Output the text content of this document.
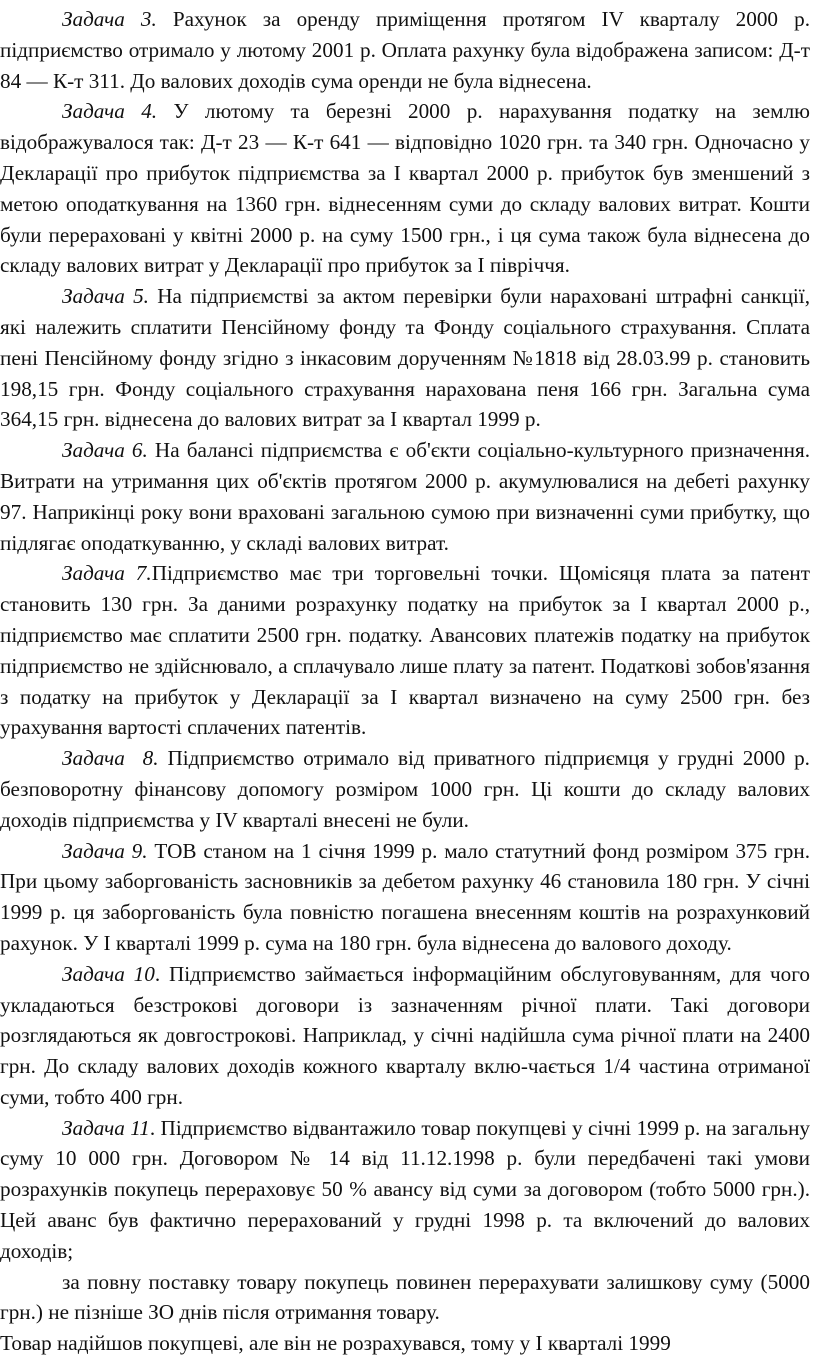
Задача 3. Рахунок за оренду приміщення протягом IV кварталу 2000 р. підприємство отримало у лютому 2001 р. Оплата рахунку була відображена записом: Д-т 84 — К-т 311. До валових доходів сума оренди не була віднесена.

Задача 4. У лютому та березні 2000 р. нарахування податку на землю відображувалося так: Д-т 23 — К-т 641 — відповідно 1020 грн. та 340 грн. Одночасно у Декларації про прибуток підприємства за I квартал 2000 р. прибуток був зменшений з метою оподаткування на 1360 грн. віднесенням суми до складу валових витрат. Кошти були перераховані у квітні 2000 р. на суму 1500 грн., і ця сума також була віднесена до складу валових витрат у Декларації про прибуток за I півріччя.

Задача 5. На підприємстві за актом перевірки були нараховані штрафні санкції, які належить сплатити Пенсійному фонду та Фонду соціального страхування. Сплата пені Пенсійному фонду згідно з інкасовим дорученням №1818 від 28.03.99 р. становить 198,15 грн. Фонду соціального страхування нарахована пеня 166 грн. Загальна сума 364,15 грн. віднесена до валових витрат за I квартал 1999 р.

Задача 6. На балансі підприємства є об'єкти соціально-культурного призначення. Витрати на утримання цих об'єктів протягом 2000 р. акумулювалися на дебеті рахунку 97. Наприкінці року вони враховані загальною сумою при визначенні суми прибутку, що підлягає оподаткуванню, у складі валових витрат.

Задача 7.Підприємство має три торговельні точки. Щомісяця плата за патент становить 130 грн. За даними розрахунку податку на прибуток за I квартал 2000 р., підприємство має сплатити 2500 грн. податку. Авансових платежів податку на прибуток підприємство не здійснювало, а сплачувало лише плату за патент. Податкові зобов'язання з податку на прибуток у Декларації за I квартал визначено на суму 2500 грн. без урахування вартості сплачених патентів.

Задача  8. Підприємство отримало від приватного підприємця у грудні 2000 р. безповоротну фінансову допомогу розміром 1000 грн. Ці кошти до складу валових доходів підприємства у IV кварталі внесені не були.

Задача 9. ТОВ станом на 1 січня 1999 р. мало статутний фонд розміром 375 грн. При цьому заборгованість засновників за дебетом рахунку 46 становила 180 грн. У січні 1999 р. ця заборгованість була повністю погашена внесенням коштів на розрахунковий рахунок. У I кварталі 1999 р. сума на 180 грн. була віднесена до валового доходу.

Задача 10. Підприємство займається інформаційним обслуговуванням, для чого укладаються безстрокові договори із зазначенням річної плати. Такі договори розглядаються як довгострокові. Наприклад, у січні надійшла сума річної плати на 2400 грн. До складу валових доходів кожного кварталу вклю-чається 1/4 частина отриманої суми, тобто 400 грн.

Задача 11. Підприємство відвантажило товар покупцеві у січні 1999 р. на загальну суму 10 000 грн. Договором № 14 від 11.12.1998 р. були передбачені такі умови розрахунків покупець перераховує 50 % авансу від суми за договором (тобто 5000 грн.). Цей аванс був фактично перерахований у грудні 1998 р. та включений до валових доходів;

за повну поставку товару покупець повинен перерахувати залишкову суму (5000 грн.) не пізніше ЗО днів після отримання товару.

Товар надійшов покупцеві, але він не розрахувався, тому у I кварталі 1999
